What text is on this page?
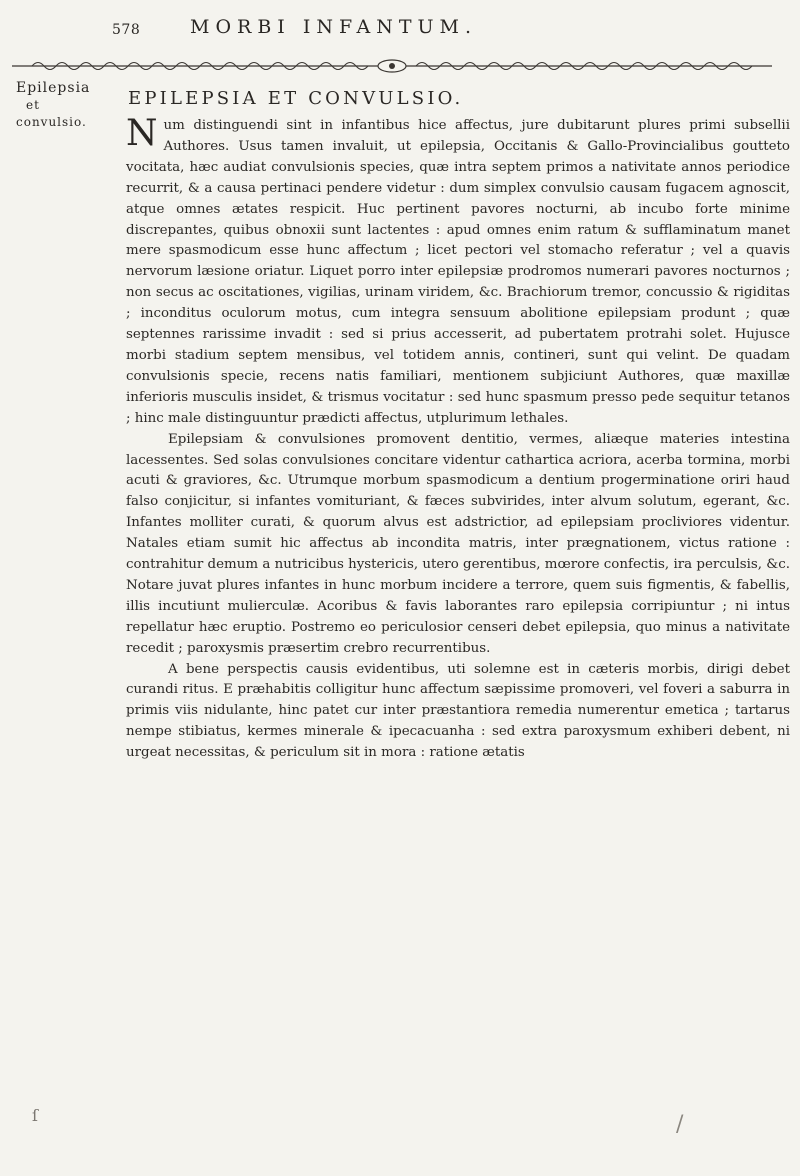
578	MORBI INFANTUM.
Epilepsia
et
convulsio.
EPILEPSIA ET CONVULSIO.

Num distinguendi sint in infantibus hice affectus, jure dubitarunt plures primi subsellii Authores. Usus tamen invaluit, ut epilepsia, Occitanis & Gallo-Provincialibus goutteto vocitata, hæc audiat convulsionis species, quæ intra septem primos a nativitate annos periodice recurrit, & a causa pertinaci pendere videtur : dum simplex convulsio causam fugacem agnoscit, atque omnes ætates respicit. Huc pertinent pavores nocturni, ab incubo forte minime discrepantes, quibus obnoxii sunt lactentes : apud omnes enim ratum & sufflaminatum manet mere spasmodicum esse hunc affectum ; licet pectori vel stomacho referatur ; vel a quavis nervorum læsione oriatur. Liquet porro inter epilepsiæ prodromos numerari pavores nocturnos ; non secus ac oscitationes, vigilias, urinam viridem, &c. Brachiorum tremor, concussio & rigiditas ; inconditus oculorum motus, cum integra sensuum abolitione epilepsiam produnt ; quæ septennes rarissime invadit : sed si prius accesserit, ad pubertatem protrahi solet. Hujusce morbi stadium septem mensibus, vel totidem annis, contineri, sunt qui velint. De quadam convulsionis specie, recens natis familiari, mentionem subjiciunt Authores, quæ maxillæ inferioris musculis insidet, & trismus vocitatur : sed hunc spasmum presso pede sequitur tetanos ; hinc male distinguuntur prædicti affectus, utplurimum lethales.

Epilepsiam & convulsiones promovent dentitio, vermes, aliæque materies intestina lacessentes. Sed solas convulsiones concitare videntur cathartica acriora, acerba tormina, morbi acuti & graviores, &c. Utrumque morbum spasmodicum a dentium progerminatione oriri haud falso conjicitur, si infantes vomituriant, & fæces subvirides, inter alvum solutum, egerant, &c. Infantes molliter curati, & quorum alvus est adstrictior, ad epilepsiam procliviores videntur. Natales etiam sumit hic affectus ab incondita matris, inter prægnationem, victus ratione : contrahitur demum a nutricibus hystericis, utero gerentibus, mœrore confectis, ira perculsis, &c. Notare juvat plures infantes in hunc morbum incidere a terrore, quem suis figmentis, & fabellis, illis incutiunt mulierculæ. Acoribus & favis laborantes raro epilepsia corripiuntur ; ni intus repellatur hæc eruptio. Postremo eo periculosior censeri debet epilepsia, quo minus a nativitate recedit ; paroxysmis præsertim crebro recurrentibus.

A bene perspectis causis evidentibus, uti solemne est in cæteris morbis, dirigi debet curandi ritus. E præhabitis colligitur hunc affectum sæpissime promoveri, vel foveri a saburra in primis viis nidulante, hinc patet cur inter præstantiora remedia numerentur emetica ; tartarus nempe stibiatus, kermes minerale & ipecacuanha : sed extra paroxysmum exhiberi debent, ni urgeat necessitas, & periculum sit in mora : ratione ætatis

ſ	/
